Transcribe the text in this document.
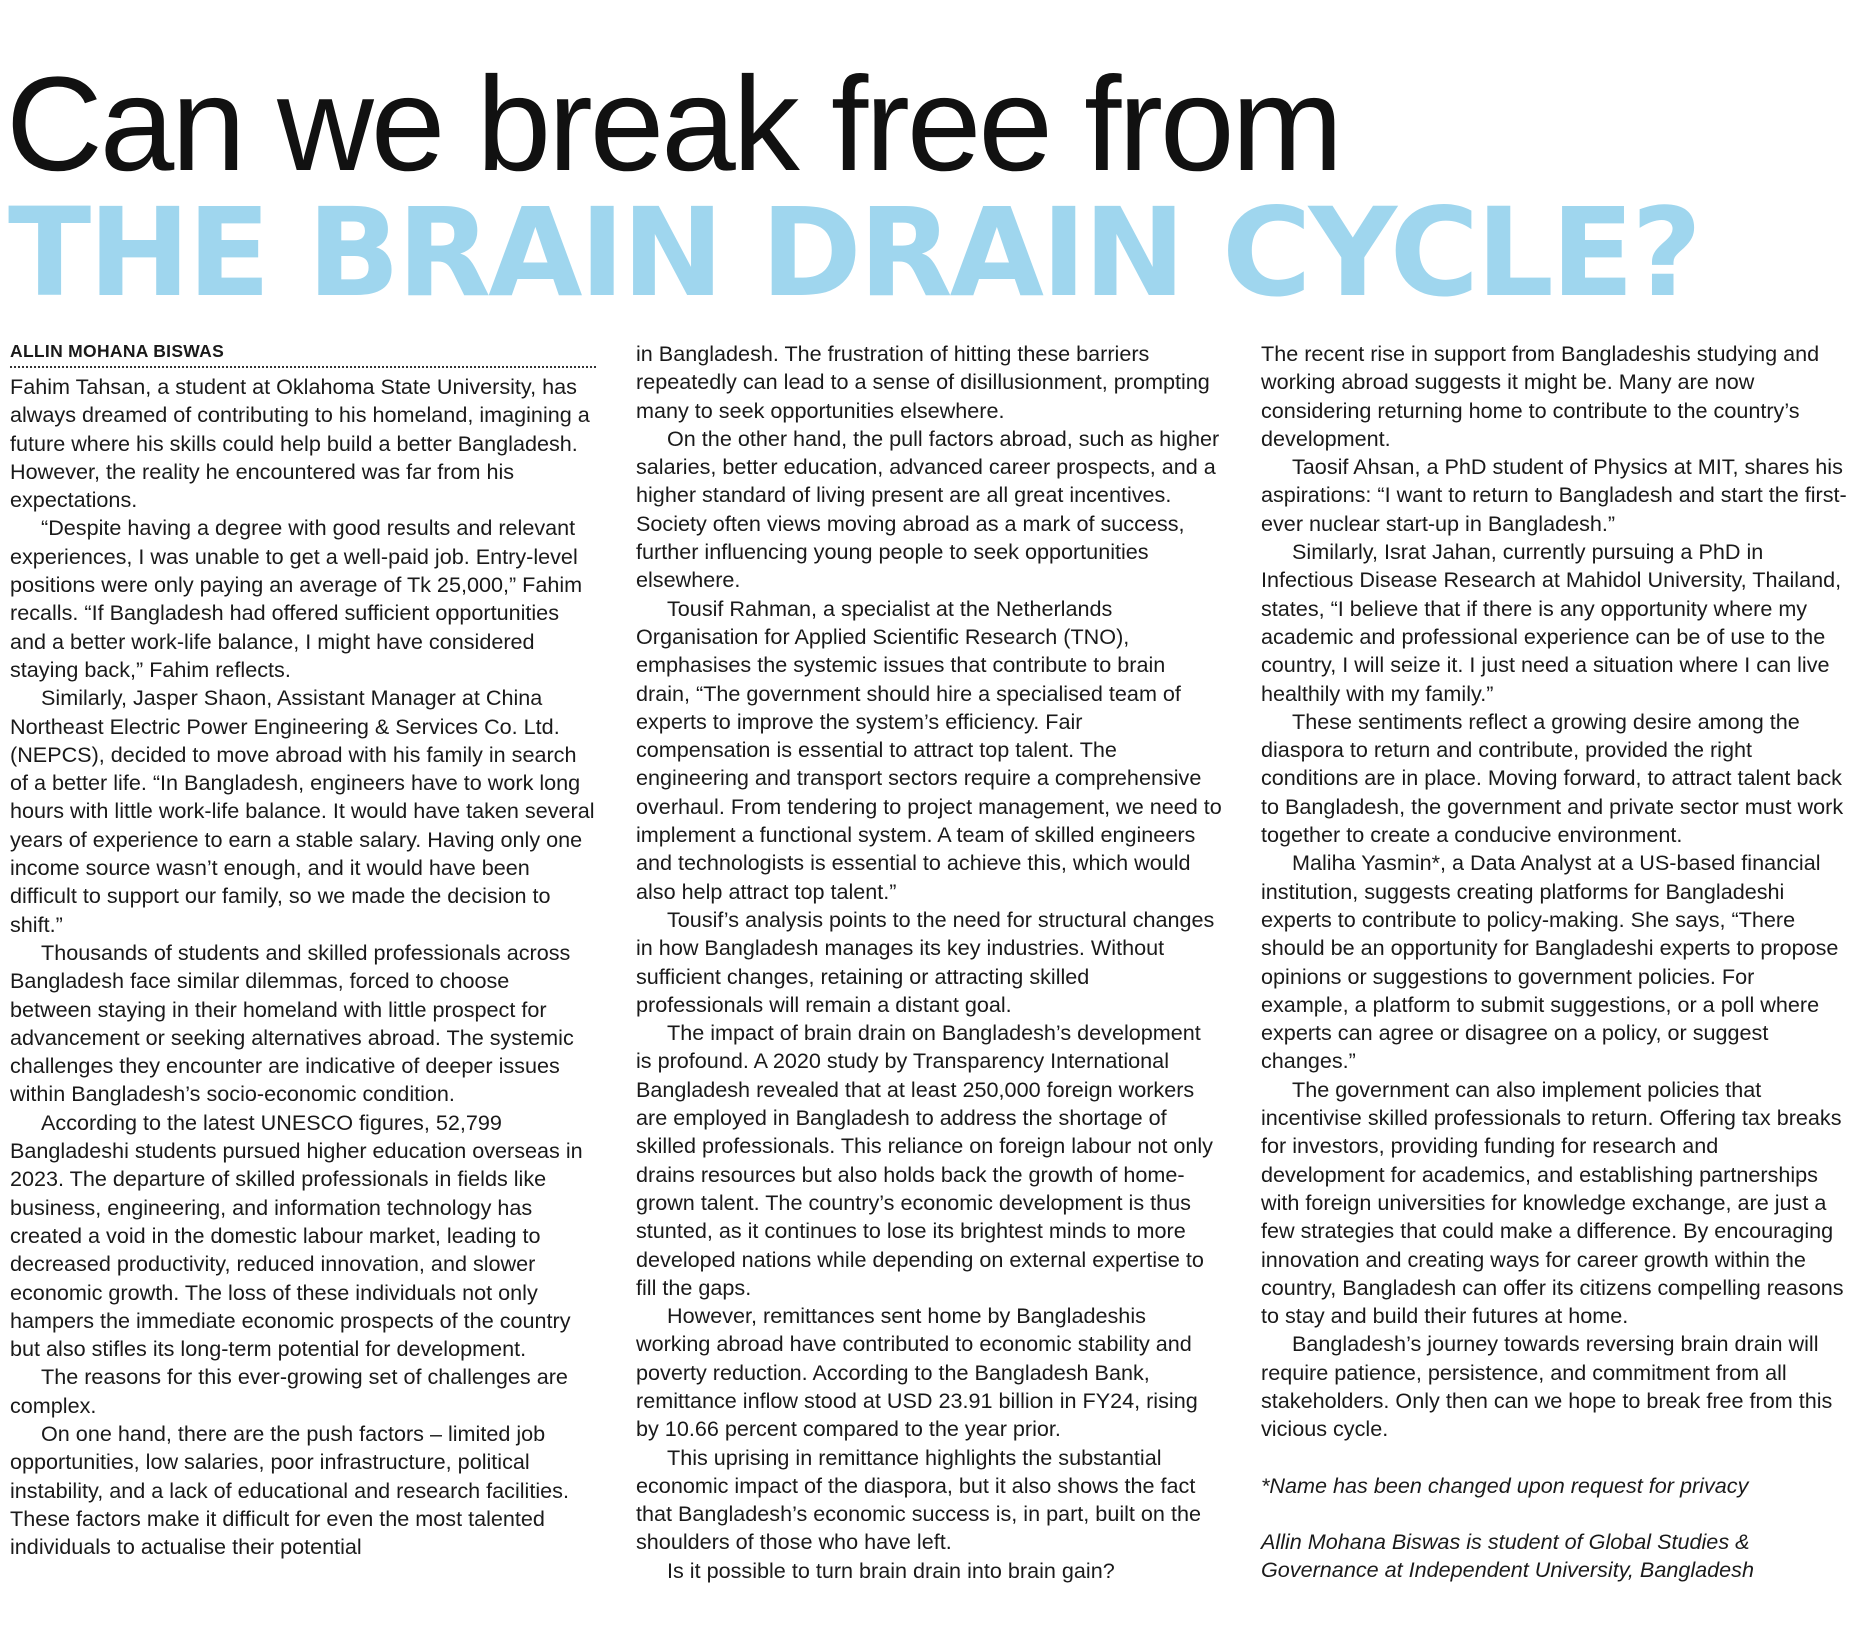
Can we break free from
THE BRAIN DRAIN CYCLE?
ALLIN MOHANA BISWAS

Fahim Tahsan, a student at Oklahoma State University, has always dreamed of contributing to his homeland, imagining a future where his skills could help build a better Bangladesh. However, the reality he encountered was far from his expectations.

“Despite having a degree with good results and relevant experiences, I was unable to get a well-paid job. Entry-level positions were only paying an average of Tk 25,000,” Fahim recalls. “If Bangladesh had offered sufficient opportunities and a better work-life balance, I might have considered staying back,” Fahim reflects.

Similarly, Jasper Shaon, Assistant Manager at China Northeast Electric Power Engineering & Services Co. Ltd. (NEPCS), decided to move abroad with his family in search of a better life. “In Bangladesh, engineers have to work long hours with little work-life balance. It would have taken several years of experience to earn a stable salary. Having only one income source wasn’t enough, and it would have been difficult to support our family, so we made the decision to shift.”

Thousands of students and skilled professionals across Bangladesh face similar dilemmas, forced to choose between staying in their homeland with little prospect for advancement or seeking alternatives abroad. The systemic challenges they encounter are indicative of deeper issues within Bangladesh’s socio-economic condition.

According to the latest UNESCO figures, 52,799 Bangladeshi students pursued higher education overseas in 2023. The departure of skilled professionals in fields like business, engineering, and information technology has created a void in the domestic labour market, leading to decreased productivity, reduced innovation, and slower economic growth. The loss of these individuals not only hampers the immediate economic prospects of the country but also stifles its long-term potential for development.

The reasons for this ever-growing set of challenges are complex.

On one hand, there are the push factors – limited job opportunities, low salaries, poor infrastructure, political instability, and a lack of educational and research facilities. These factors make it difficult for even the most talented individuals to actualise their potential

in Bangladesh. The frustration of hitting these barriers repeatedly can lead to a sense of disillusionment, prompting many to seek opportunities elsewhere.

On the other hand, the pull factors abroad, such as higher salaries, better education, advanced career prospects, and a higher standard of living present are all great incentives. Society often views moving abroad as a mark of success, further influencing young people to seek opportunities elsewhere.

Tousif Rahman, a specialist at the Netherlands Organisation for Applied Scientific Research (TNO), emphasises the systemic issues that contribute to brain drain, “The government should hire a specialised team of experts to improve the system’s efficiency. Fair compensation is essential to attract top talent. The engineering and transport sectors require a comprehensive overhaul. From tendering to project management, we need to implement a functional system. A team of skilled engineers and technologists is essential to achieve this, which would also help attract top talent.”

Tousif’s analysis points to the need for structural changes in how Bangladesh manages its key industries. Without sufficient changes, retaining or attracting skilled professionals will remain a distant goal.

The impact of brain drain on Bangladesh’s development is profound. A 2020 study by Transparency International Bangladesh revealed that at least 250,000 foreign workers are employed in Bangladesh to address the shortage of skilled professionals. This reliance on foreign labour not only drains resources but also holds back the growth of home-grown talent. The country’s economic development is thus stunted, as it continues to lose its brightest minds to more developed nations while depending on external expertise to fill the gaps.

However, remittances sent home by Bangladeshis working abroad have contributed to economic stability and poverty reduction. According to the Bangladesh Bank, remittance inflow stood at USD 23.91 billion in FY24, rising by 10.66 percent compared to the year prior.

This uprising in remittance highlights the substantial economic impact of the diaspora, but it also shows the fact that Bangladesh’s economic success is, in part, built on the shoulders of those who have left.

Is it possible to turn brain drain into brain gain?

The recent rise in support from Bangladeshis studying and working abroad suggests it might be. Many are now considering returning home to contribute to the country’s development.

Taosif Ahsan, a PhD student of Physics at MIT, shares his aspirations: “I want to return to Bangladesh and start the first-ever nuclear start-up in Bangladesh.”

Similarly, Israt Jahan, currently pursuing a PhD in Infectious Disease Research at Mahidol University, Thailand, states, “I believe that if there is any opportunity where my academic and professional experience can be of use to the country, I will seize it. I just need a situation where I can live healthily with my family.”

These sentiments reflect a growing desire among the diaspora to return and contribute, provided the right conditions are in place. Moving forward, to attract talent back to Bangladesh, the government and private sector must work together to create a conducive environment.

Maliha Yasmin*, a Data Analyst at a US-based financial institution, suggests creating platforms for Bangladeshi experts to contribute to policy-making. She says, “There should be an opportunity for Bangladeshi experts to propose opinions or suggestions to government policies. For example, a platform to submit suggestions, or a poll where experts can agree or disagree on a policy, or suggest changes.”

The government can also implement policies that incentivise skilled professionals to return. Offering tax breaks for investors, providing funding for research and development for academics, and establishing partnerships with foreign universities for knowledge exchange, are just a few strategies that could make a difference. By encouraging innovation and creating ways for career growth within the country, Bangladesh can offer its citizens compelling reasons to stay and build their futures at home.

Bangladesh’s journey towards reversing brain drain will require patience, persistence, and commitment from all stakeholders. Only then can we hope to break free from this vicious cycle.

*Name has been changed upon request for privacy

Allin Mohana Biswas is student of Global Studies & Governance at Independent University, Bangladesh
